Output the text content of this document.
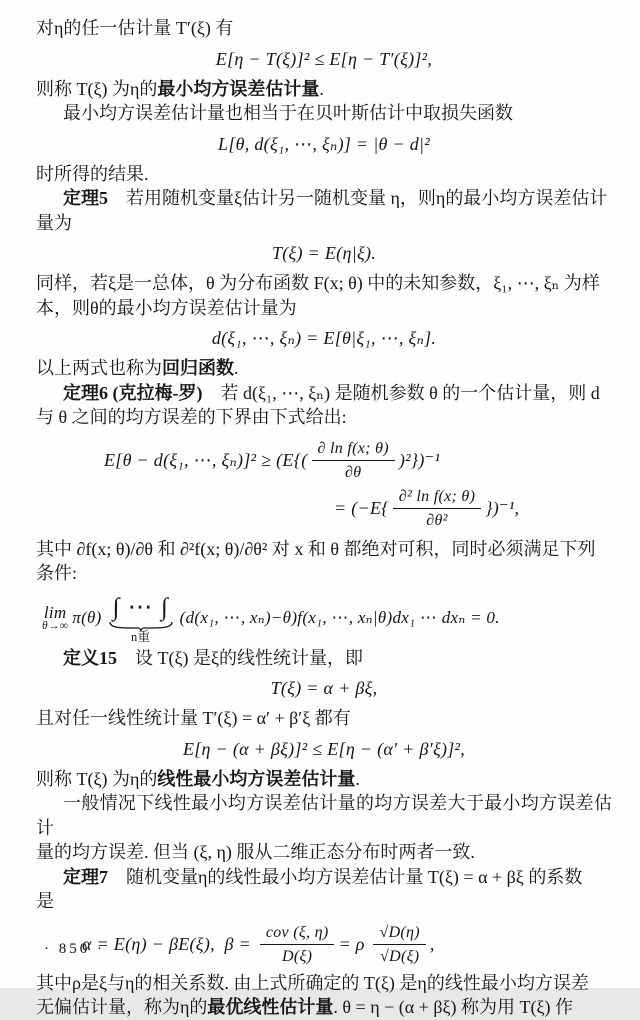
对η的任一估计量 T′(ξ) 有

E[η − T(ξ)]² ≤ E[η − T′(ξ)]²,

则称 T(ξ) 为η的最小均方误差估计量.

最小均方误差估计量也相当于在贝叶斯估计中取损失函数

L[θ, d(ξ₁, ⋯, ξₙ)] = |θ − d|²

时所得的结果.

定理5　若用随机变量ξ估计另一随机变量 η，则η的最小均方误差估计

量为

T(ξ) = E(η|ξ).

同样，若ξ是一总体，θ 为分布函数 F(x; θ) 中的未知参数，ξ₁, ⋯, ξₙ 为样

本，则θ的最小均方误差估计量为

d(ξ₁, ⋯, ξₙ) = E[θ|ξ₁, ⋯, ξₙ].

以上两式也称为回归函数.

定理6 (克拉梅-罗)　若 d(ξ₁, ⋯, ξₙ) 是随机参数 θ 的一个估计量，则 d

与 θ 之间的均方误差的下界由下式给出:

E[θ − d(ξ₁, ⋯, $\xi_n)]^2 \ge (E\{( \frac{\text{∂ ln f(x; θ)}}{\partial\theta} )^2\})^{-1}$
= $(-E\{ \frac{\text{∂² ln f(x; θ)}}{\text{∂θ²}} \})^{-1}$,

其中 ∂f(x; θ)/∂θ 和 ∂²f(x; θ)/∂θ² 对 x 和 θ 都绝对可积，同时必须满足下列

条件:

lim
θ→∞ π(θ) ∫ ⋯ ∫
n重
(d(x₁, ⋯, xₙ)−θ)f(x₁, ⋯, xₙ|θ)dx₁ ⋯ dxₙ = 0.

定义15　设 T(ξ) 是ξ的线性统计量，即

T(ξ) = α + βξ,

且对任一线性统计量 T′(ξ) = α′ + β′ξ 都有

E[η − (α + βξ)]² ≤ E[η − (α′ + β′ξ)]²,

则称 T(ξ) 为η的线性最小均方误差估计量.

一般情况下线性最小均方误差估计量的均方误差大于最小均方误差估计

量的均方误差. 但当 (ξ, η) 服从二维正态分布时两者一致.

定理7　随机变量η的线性最小均方误差估计量 T(ξ) = α + βξ 的系数

是

α = E(η) − βE(ξ),  $\beta = \frac{\text{cov (ξ, η)}}{D(\xi)} = \rho \frac{√D(\eta)}{√D(\xi)}$ ,

其中ρ是ξ与η的相关系数. 由上式所确定的 T(ξ) 是η的线性最小均方误差

无偏估计量，称为η的最优线性估计量. θ = η − (α + βξ) 称为用 T(ξ) 作

· 850 ·
